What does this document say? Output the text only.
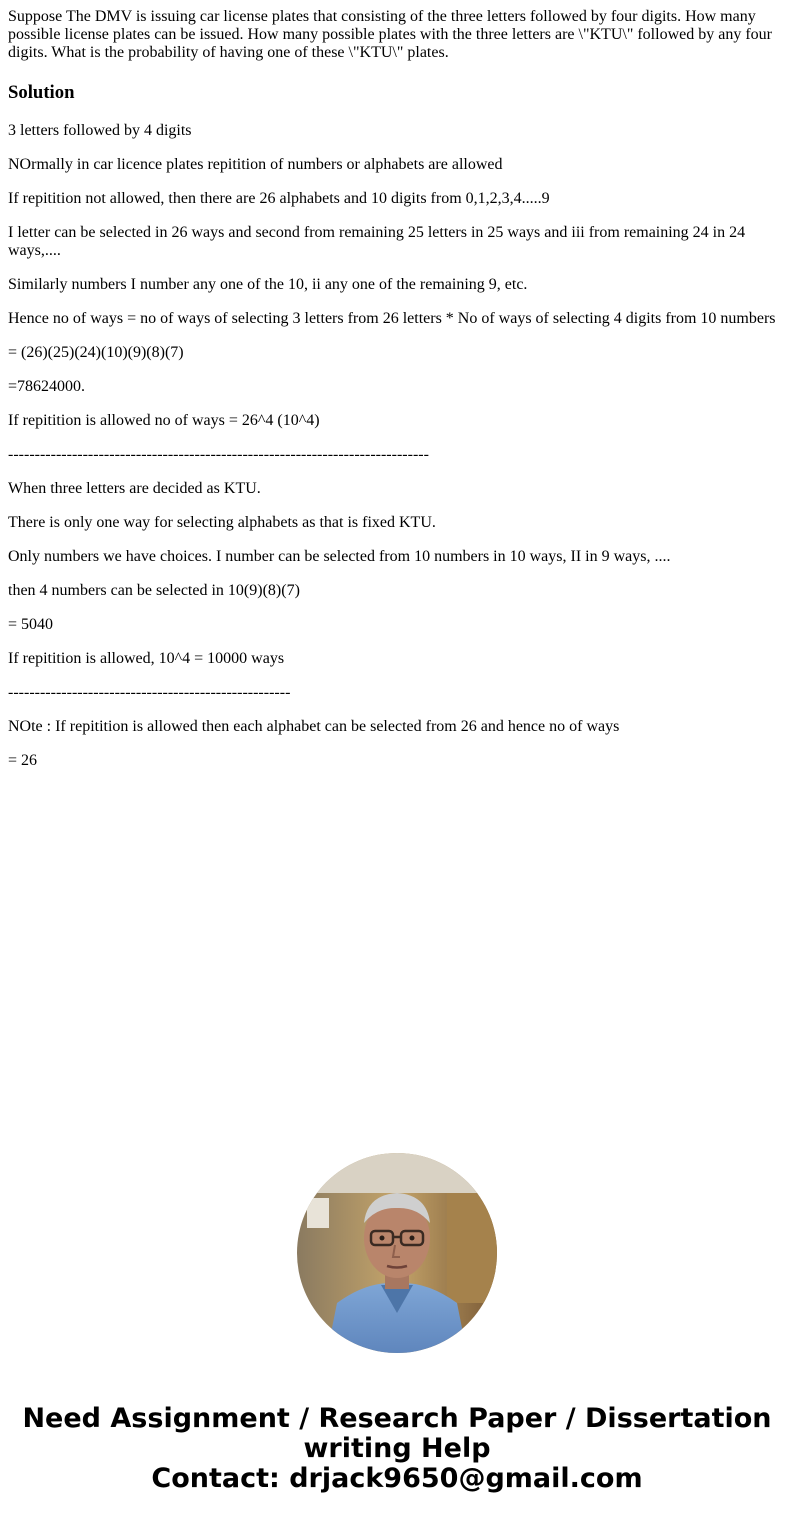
Suppose The DMV is issuing car license plates that consisting of the three letters followed by four digits. How many possible license plates can be issued. How many possible plates with the three letters are \"KTU\" followed by any four digits. What is the probability of having one of these \"KTU\" plates.

Solution

3 letters followed by 4 digits

NOrmally in car licence plates repitition of numbers or alphabets are allowed

If repitition not allowed, then there are 26 alphabets and 10 digits from 0,1,2,3,4.....9

I letter can be selected in 26 ways and second from remaining 25 letters in 25 ways and iii from remaining 24 in 24 ways,....

Similarly numbers I number any one of the 10, ii any one of the remaining 9, etc.

Hence no of ways = no of ways of selecting 3 letters from 26 letters * No of ways of selecting 4 digits from 10 numbers

= (26)(25)(24)(10)(9)(8)(7)

=78624000.

If repitition is allowed no of ways = 26^4 (10^4)

-------------------------------------------------------------------------------

When three letters are decided as KTU.

There is only one way for selecting alphabets as that is fixed KTU.

Only numbers we have choices. I number can be selected from 10 numbers in 10 ways, II in 9 ways, ....

then 4 numbers can be selected in 10(9)(8)(7)

= 5040

If repitition is allowed, 10^4 = 10000 ways

-----------------------------------------------------

NOte : If repitition is allowed then each alphabet can be selected from 26 and hence no of ways

= 26

Need Assignment / Research Paper / Dissertation
writing Help
Contact: drjack9650@gmail.com
